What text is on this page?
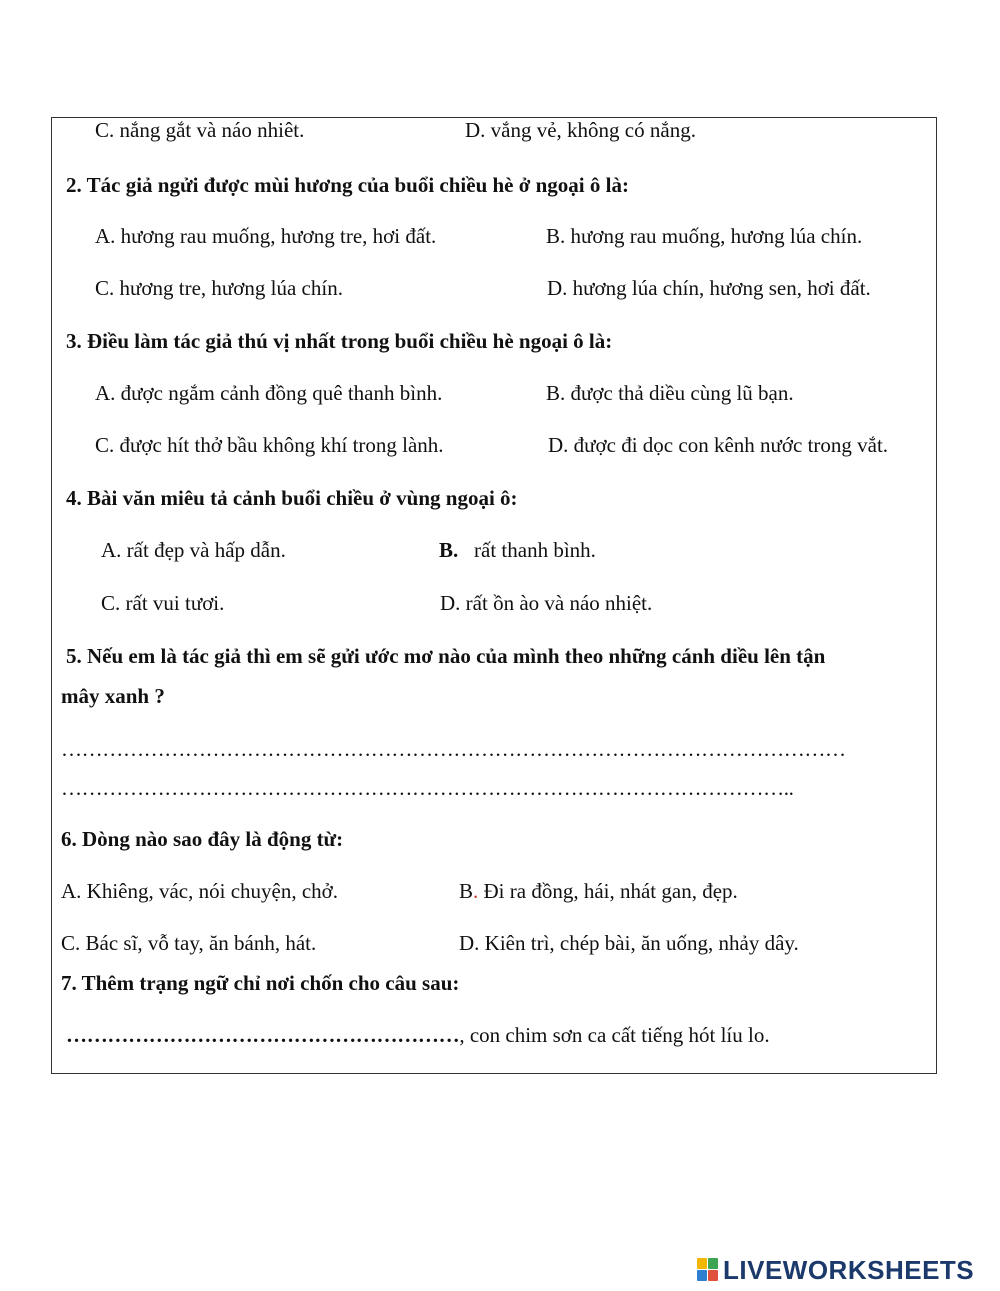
C. nắng gắt và náo nhiêt.	D. vắng vẻ, không có nắng.
2. Tác giả ngửi được mùi hương của buổi chiều hè ở ngoại ô là:
A. hương rau muống, hương tre, hơi đất.	B. hương rau muống, hương lúa chín.
C. hương tre, hương lúa chín.	D. hương lúa chín, hương sen, hơi đất.
3. Điều làm tác giả thú vị nhất trong buổi chiều hè ngoại ô là:
A. được ngắm cảnh đồng quê thanh bình.	B. được thả diều cùng lũ bạn.
C. được hít thở bầu không khí trong lành.	D. được đi dọc con kênh nước trong vắt.
4. Bài văn miêu tả cảnh buổi chiều ở vùng ngoại ô:
A. rất đẹp và hấp dẫn.	B. rất thanh bình.
C. rất vui tươi.	D. rất ồn ào và náo nhiệt.
5. Nếu em là tác giả thì em sẽ gửi ước mơ nào của mình theo những cánh diều lên tận
mây xanh ?
……………………………………………………………………………………………………
……………………………………………………………………………………………..
6. Dòng nào sao đây là động từ:
A. Khiêng, vác, nói chuyện, chở.	B. Đi ra đồng, hái, nhát gan, đẹp.
C. Bác sĩ, vỗ tay, ăn bánh, hát.	D. Kiên trì, chép bài, ăn uống, nhảy dây.
7. Thêm trạng ngữ chỉ nơi chốn cho câu sau:
…………………………………………………, con chim sơn ca cất tiếng hót líu lo.
LIVEWORKSHEETS
